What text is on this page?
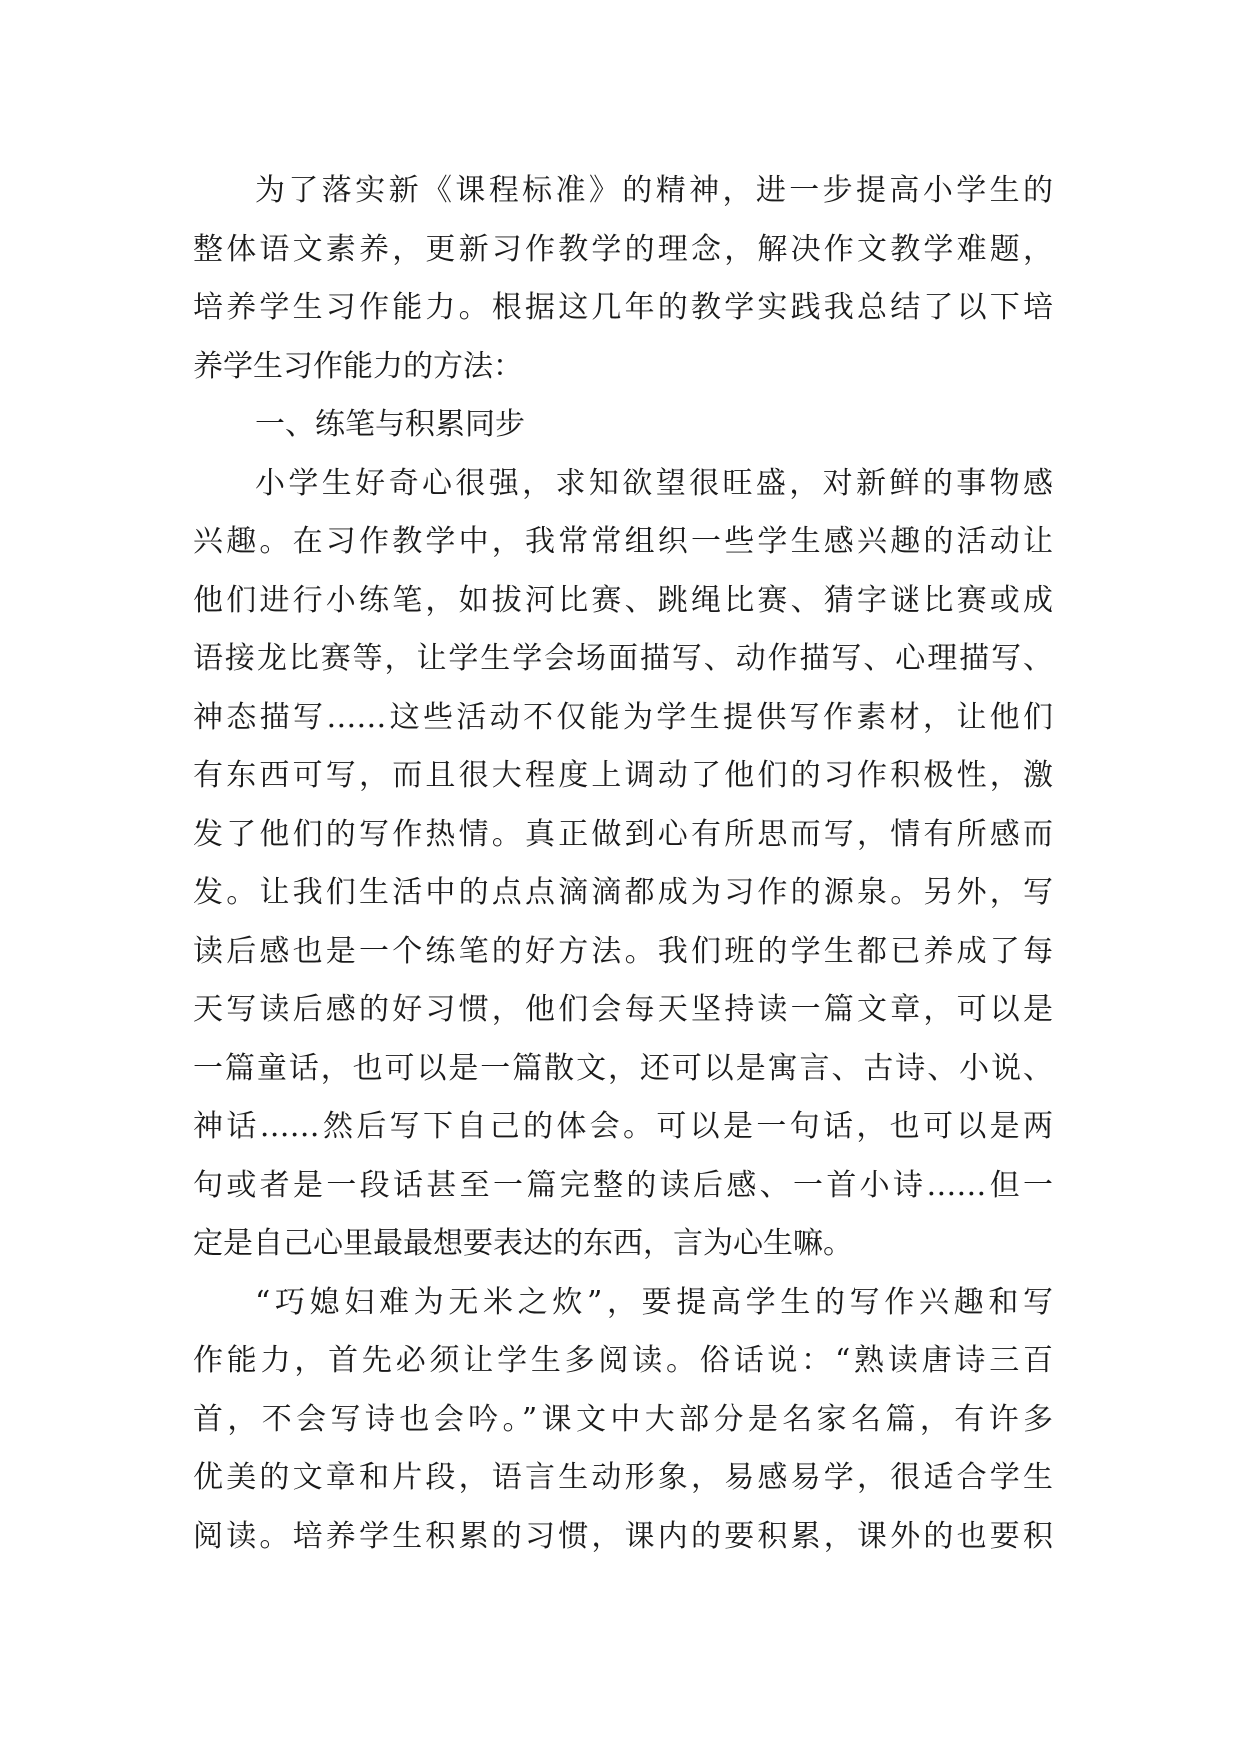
为了落实新《课程标准》的精神，进一步提高小学生的
整体语文素养，更新习作教学的理念，解决作文教学难题，
培养学生习作能力。根据这几年的教学实践我总结了以下培
养学生习作能力的方法：
一、练笔与积累同步
小学生好奇心很强，求知欲望很旺盛，对新鲜的事物感
兴趣。在习作教学中，我常常组织一些学生感兴趣的活动让
他们进行小练笔，如拔河比赛、跳绳比赛、猜字谜比赛或成
语接龙比赛等，让学生学会场面描写、动作描写、心理描写、
神态描写……这些活动不仅能为学生提供写作素材，让他们
有东西可写，而且很大程度上调动了他们的习作积极性，激
发了他们的写作热情。真正做到心有所思而写，情有所感而
发。让我们生活中的点点滴滴都成为习作的源泉。另外，写
读后感也是一个练笔的好方法。我们班的学生都已养成了每
天写读后感的好习惯，他们会每天坚持读一篇文章，可以是
一篇童话，也可以是一篇散文，还可以是寓言、古诗、小说、
神话……然后写下自己的体会。可以是一句话，也可以是两
句或者是一段话甚至一篇完整的读后感、一首小诗……但一
定是自己心里最最想要表达的东西，言为心生嘛。
“巧媳妇难为无米之炊”，要提高学生的写作兴趣和写
作能力，首先必须让学生多阅读。俗话说：“熟读唐诗三百
首，不会写诗也会吟。”课文中大部分是名家名篇，有许多
优美的文章和片段，语言生动形象，易感易学，很适合学生
阅读。培养学生积累的习惯，课内的要积累，课外的也要积
